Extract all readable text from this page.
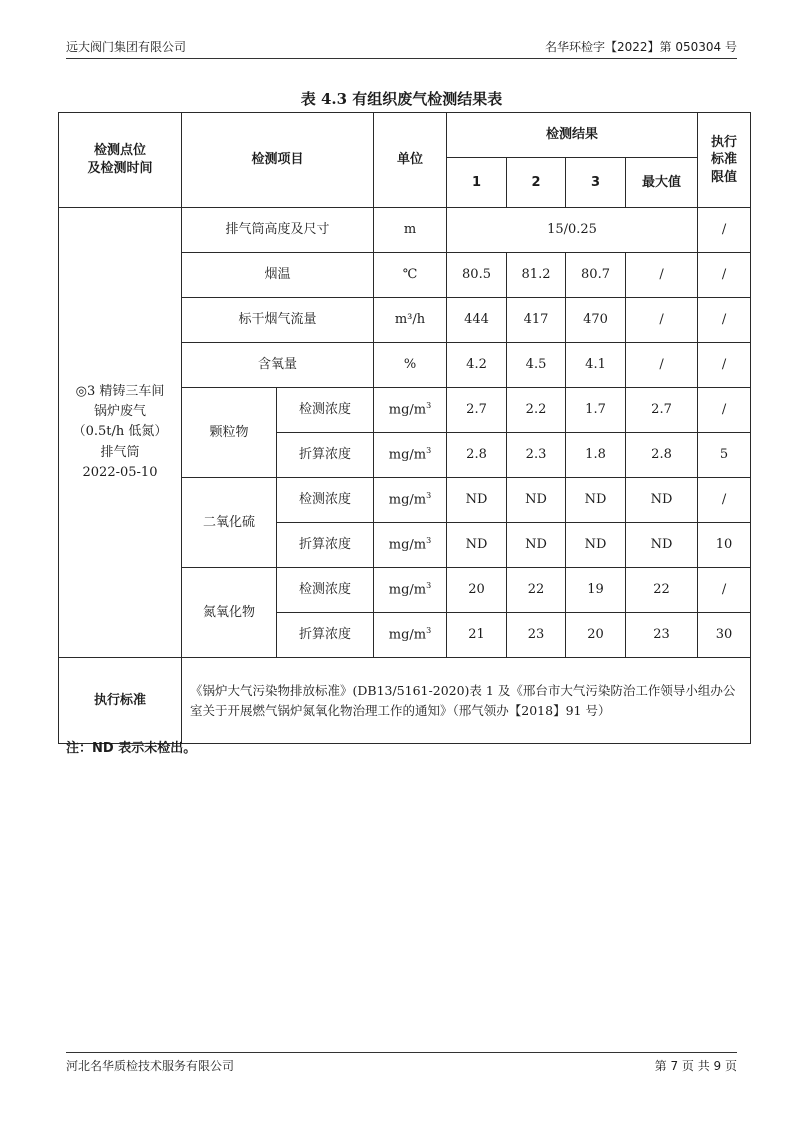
远大阀门集团有限公司	名华环检字【2022】第 050304 号
表 4.3 有组织废气检测结果表
检测点位
及检测时间	检测项目		单位	检测结果				执行
标准
限值
				1	2	3	最大值	
◎3 精铸三车间
锅炉废气
（0.5t/h 低氮）
排气筒
2022-05-10	排气筒高度及尺寸		m	15/0.25				/
	烟温		℃	80.5	81.2	80.7	/	/
	标干烟气流量		m³/h	444	417	470	/	/
	含氧量		%	4.2	4.5	4.1	/	/
	颗粒物	检测浓度	$mg/m^3$	2.7	2.2	1.7	2.7	/
		折算浓度	$mg/m^3$	2.8	2.3	1.8	2.8	5
	二氧化硫	检测浓度	$mg/m^3$	ND	ND	ND	ND	/
		折算浓度	$mg/m^3$	ND	ND	ND	ND	10
	氮氧化物	检测浓度	$mg/m^3$	20	22	19	22	/
		折算浓度	$mg/m^3$	21	23	20	23	30
执行标准	《锅炉大气污染物排放标准》(DB13/5161-2020)表 1 及《邢台市大气污染防治工作领导小组办公室关于开展燃气锅炉氮氧化物治理工作的通知》（邢气领办【2018】91 号）							
注：ND 表示未检出。
河北名华质检技术服务有限公司	第 7 页 共 9 页
